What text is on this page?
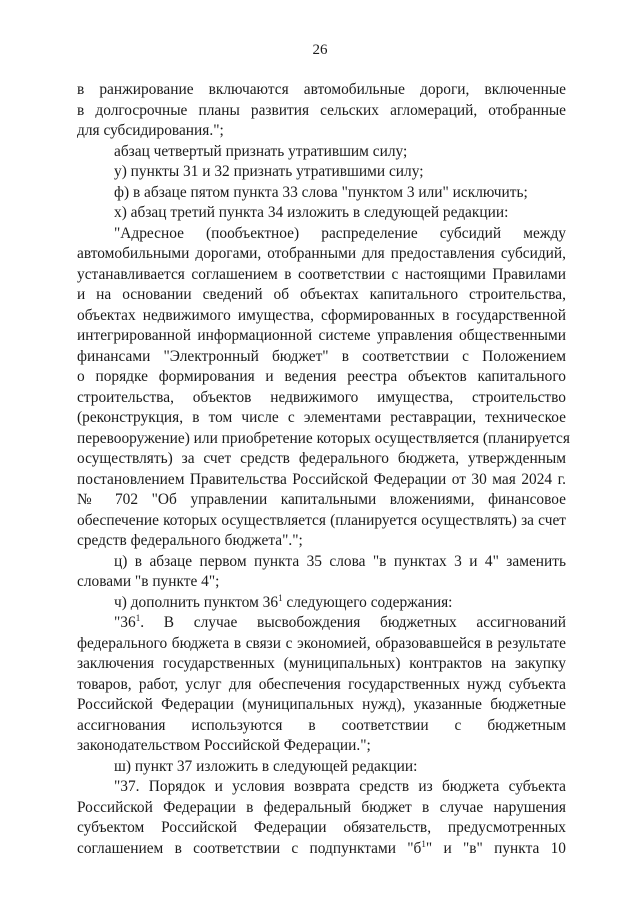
26
в ранжирование включаются автомобильные дороги, включенные
в долгосрочные планы развития сельских агломераций, отобранные
для субсидирования.";
абзац четвертый признать утратившим силу;
у) пункты 31 и 32 признать утратившими силу;
ф) в абзаце пятом пункта 33 слова "пунктом 3 или" исключить;
х) абзац третий пункта 34 изложить в следующей редакции:
"Адресное (пообъектное) распределение субсидий между
автомобильными дорогами, отобранными для предоставления субсидий,
устанавливается соглашением в соответствии с настоящими Правилами
и на основании сведений об объектах капитального строительства,
объектах недвижимого имущества, сформированных в государственной
интегрированной информационной системе управления общественными
финансами "Электронный бюджет" в соответствии с Положением
о порядке формирования и ведения реестра объектов капитального
строительства, объектов недвижимого имущества, строительство
(реконструкция, в том числе с элементами реставрации, техническое
перевооружение) или приобретение которых осуществляется (планируется
осуществлять) за счет средств федерального бюджета, утвержденным
постановлением Правительства Российской Федерации от 30 мая 2024 г.
№ 702 "Об управлении капитальными вложениями, финансовое
обеспечение которых осуществляется (планируется осуществлять) за счет
средств федерального бюджета".";
ц) в абзаце первом пункта 35 слова "в пунктах 3 и 4" заменить
словами "в пункте 4";
ч) дополнить пунктом $36^1$ следующего содержания:
"$36^1$. В случае высвобождения бюджетных ассигнований
федерального бюджета в связи с экономией, образовавшейся в результате
заключения государственных (муниципальных) контрактов на закупку
товаров, работ, услуг для обеспечения государственных нужд субъекта
Российской Федерации (муниципальных нужд), указанные бюджетные
ассигнования используются в соответствии с бюджетным
законодательством Российской Федерации.";
ш) пункт 37 изложить в следующей редакции:
"37. Порядок и условия возврата средств из бюджета субъекта
Российской Федерации в федеральный бюджет в случае нарушения
субъектом Российской Федерации обязательств, предусмотренных
соглашением в соответствии с подпунктами "$б^1$" и "в" пункта 10
